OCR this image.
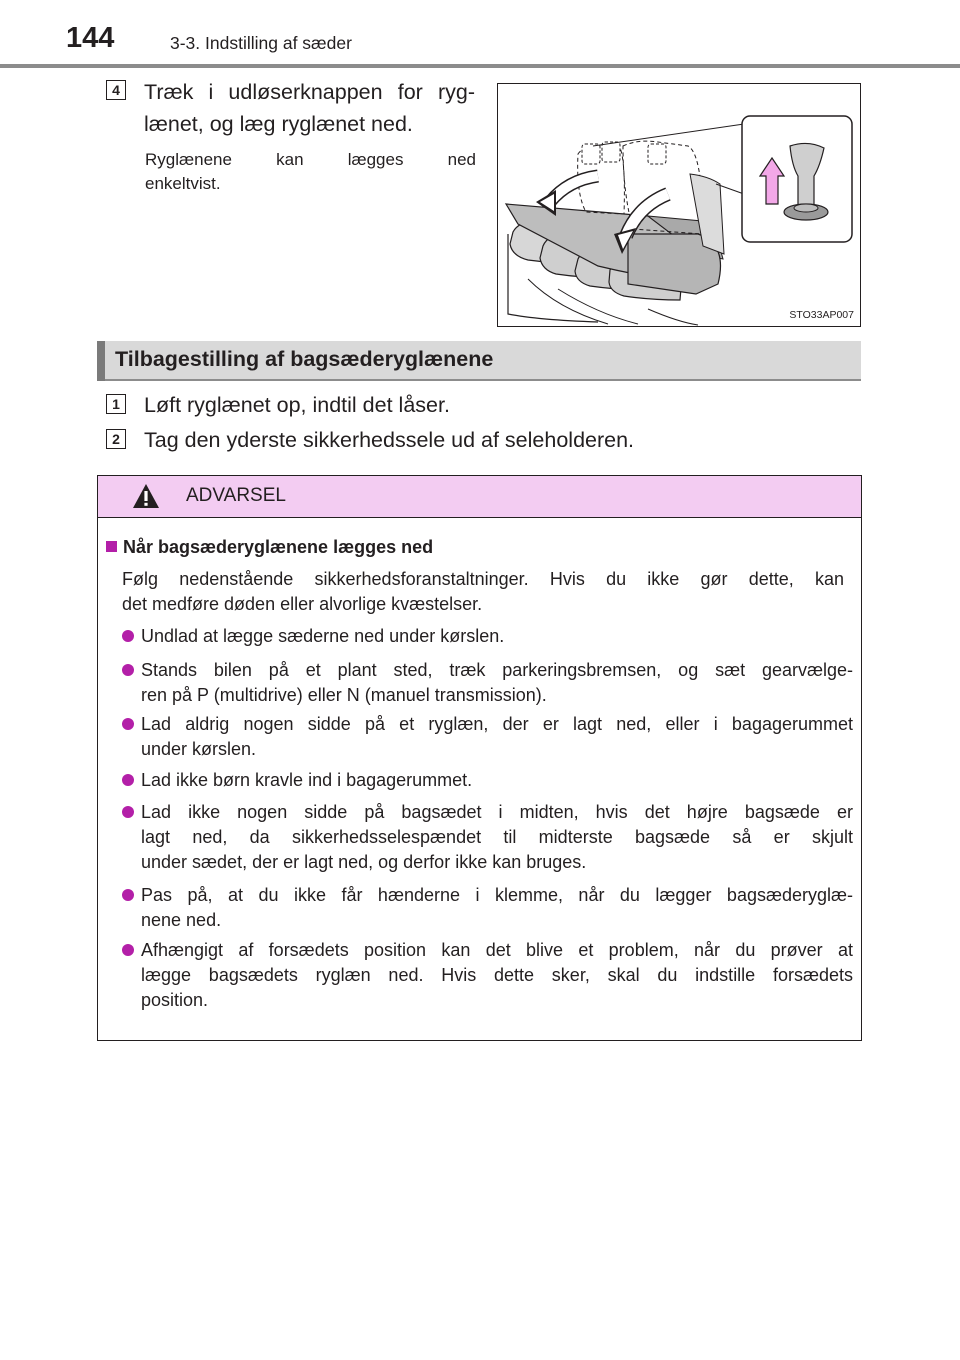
144	3-3. Indstilling af sæder
4 Træk i udløserknappen for ryg-
lænet, og læg ryglænet ned.
Ryglænene kan lægges ned
enkeltvist.
STO33AP007
Tilbagestilling af bagsæderyglænene
1 Løft ryglænet op, indtil det låser.
2 Tag den yderste sikkerhedssele ud af seleholderen.
ADVARSEL
Når bagsæderyglænene lægges ned
Følg nedenstående sikkerhedsforanstaltninger. Hvis du ikke gør dette, kan
det medføre døden eller alvorlige kvæstelser.
Undlad at lægge sæderne ned under kørslen.
Stands bilen på et plant sted, træk parkeringsbremsen, og sæt gearvælge-
ren på P (multidrive) eller N (manuel transmission).
Lad aldrig nogen sidde på et ryglæn, der er lagt ned, eller i bagagerummet
under kørslen.
Lad ikke børn kravle ind i bagagerummet.
Lad ikke nogen sidde på bagsædet i midten, hvis det højre bagsæde er
lagt ned, da sikkerhedsselespændet til midterste bagsæde så er skjult
under sædet, der er lagt ned, og derfor ikke kan bruges.
Pas på, at du ikke får hænderne i klemme, når du lægger bagsæderyglæ-
nene ned.
Afhængigt af forsædets position kan det blive et problem, når du prøver at
lægge bagsædets ryglæn ned. Hvis dette sker, skal du indstille forsædets
position.
